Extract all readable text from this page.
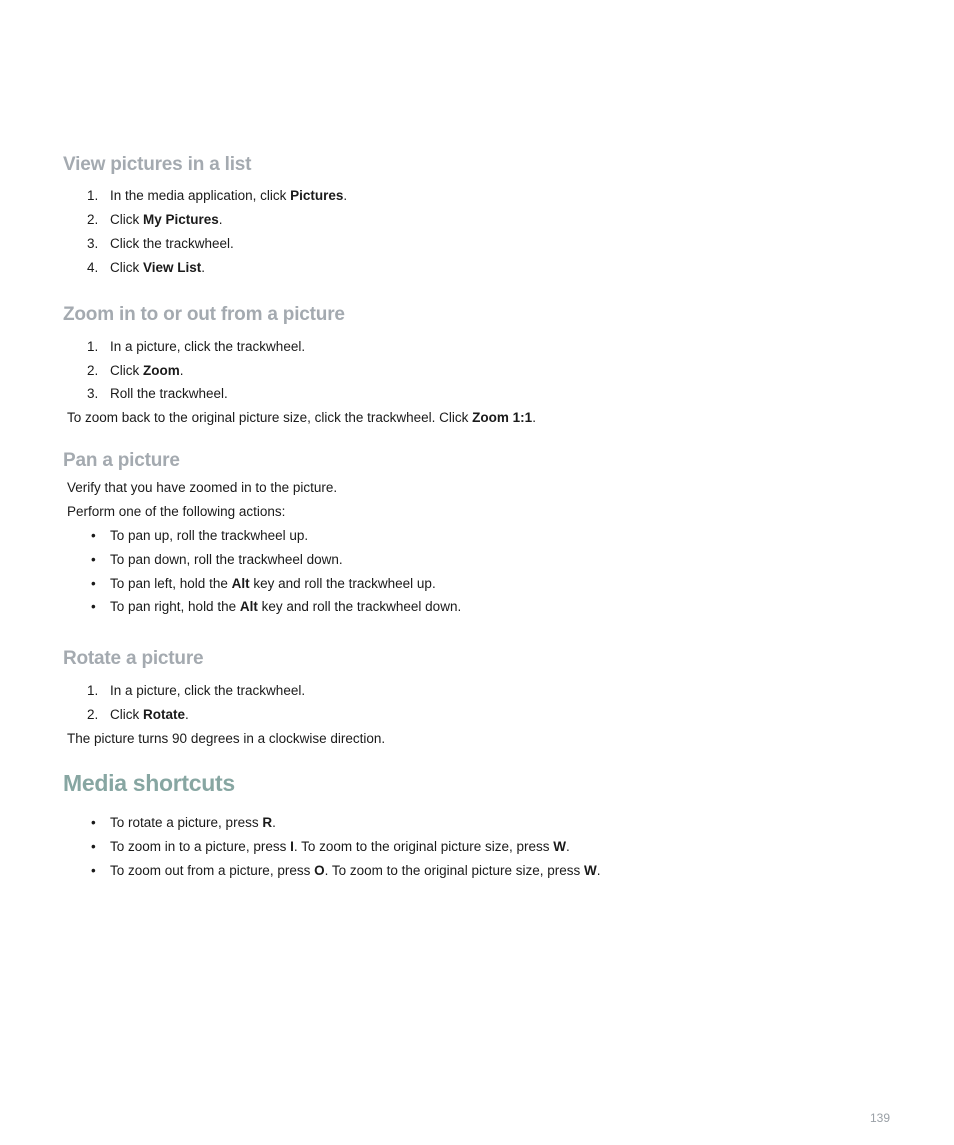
View pictures in a list
1. In the media application, click Pictures.
2. Click My Pictures.
3. Click the trackwheel.
4. Click View List.
Zoom in to or out from a picture
1. In a picture, click the trackwheel.
2. Click Zoom.
3. Roll the trackwheel.
To zoom back to the original picture size, click the trackwheel. Click Zoom 1:1.
Pan a picture
Verify that you have zoomed in to the picture.
Perform one of the following actions:
• To pan up, roll the trackwheel up.
• To pan down, roll the trackwheel down.
• To pan left, hold the Alt key and roll the trackwheel up.
• To pan right, hold the Alt key and roll the trackwheel down.
Rotate a picture
1. In a picture, click the trackwheel.
2. Click Rotate.
The picture turns 90 degrees in a clockwise direction.
Media shortcuts
• To rotate a picture, press R.
• To zoom in to a picture, press I. To zoom to the original picture size, press W.
• To zoom out from a picture, press O. To zoom to the original picture size, press W.
139
